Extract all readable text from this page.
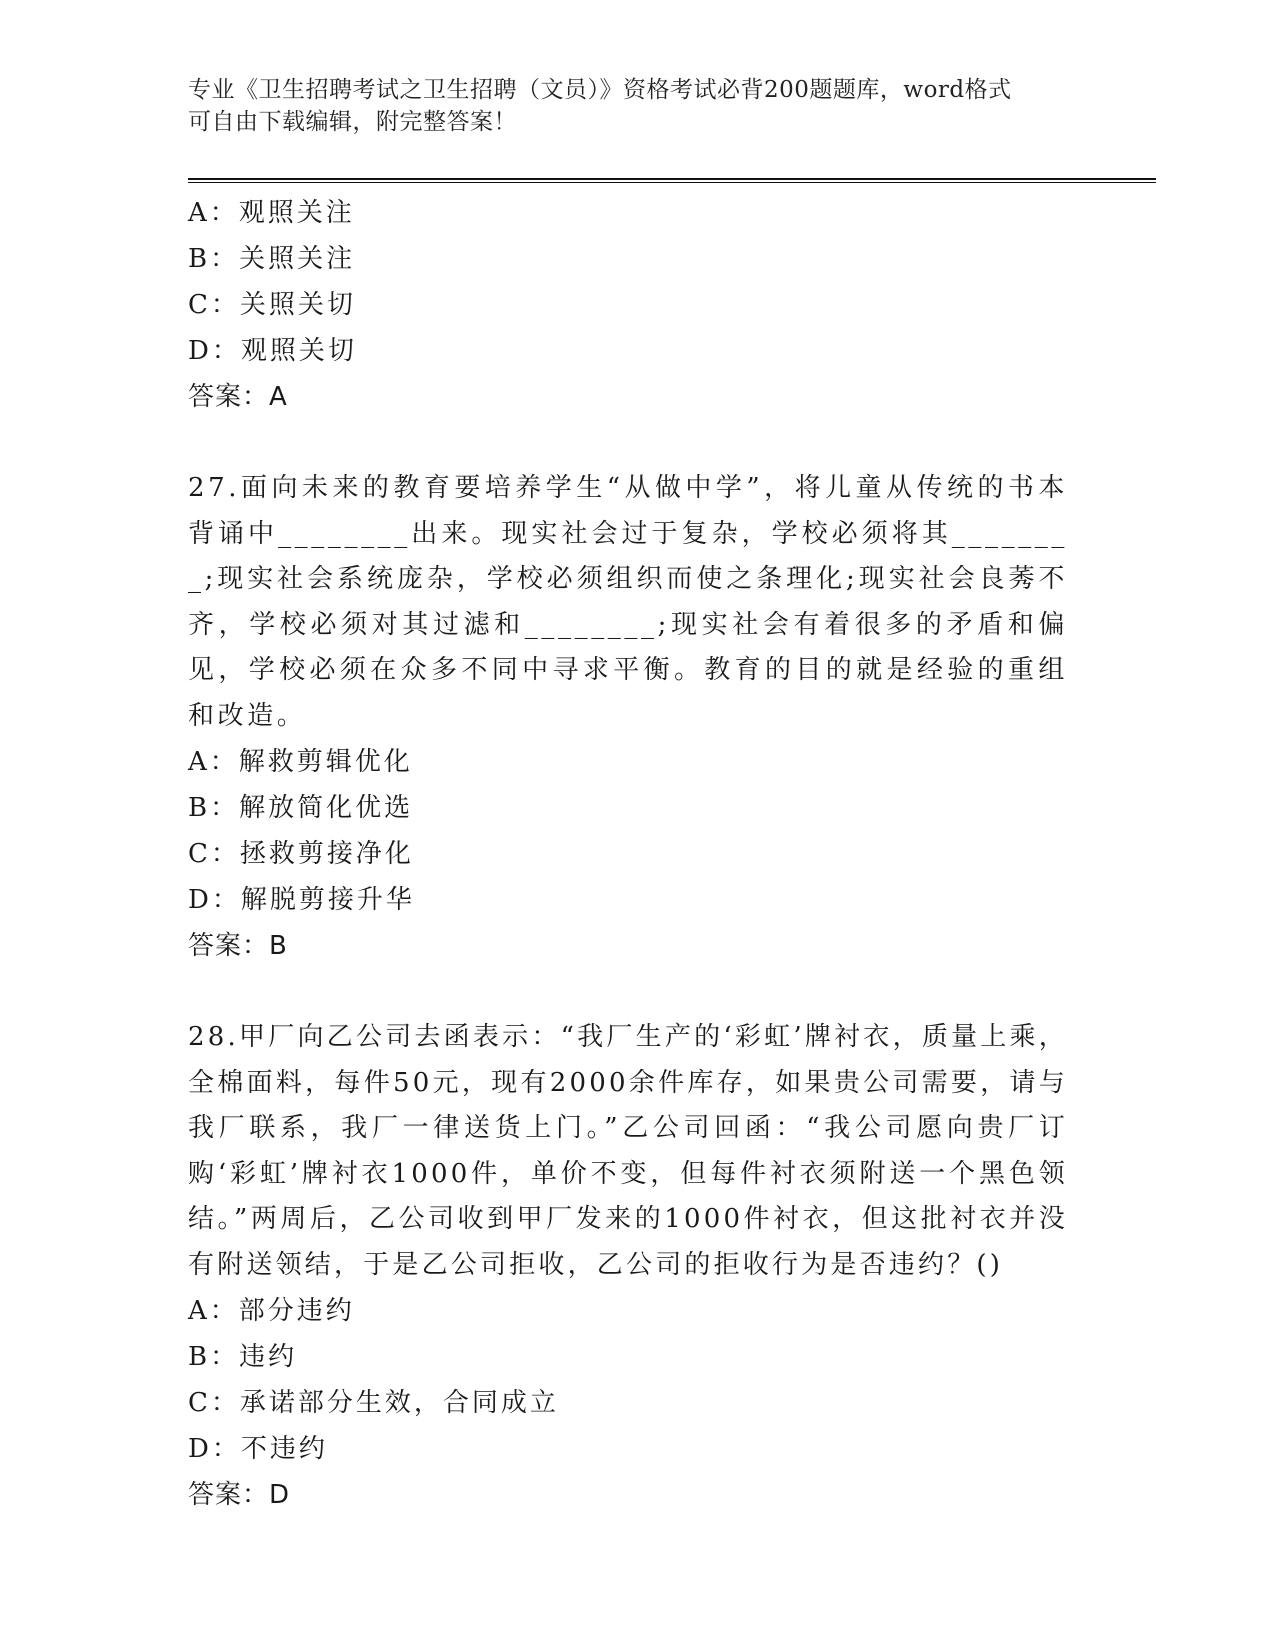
专业《卫生招聘考试之卫生招聘（文员）》资格考试必背200题题库，word格式
可自由下载编辑，附完整答案！
A：观照关注
B：关照关注
C：关照关切
D：观照关切
答案：A
27.面向未来的教育要培养学生“从做中学”，将儿童从传统的书本背诵中________出来。现实社会过于复杂，学校必须将其________;现实社会系统庞杂，学校必须组织而使之条理化;现实社会良莠不齐，学校必须对其过滤和________;现实社会有着很多的矛盾和偏见，学校必须在众多不同中寻求平衡。教育的目的就是经验的重组和改造。
A：解救剪辑优化
B：解放简化优选
C：拯救剪接净化
D：解脱剪接升华
答案：B
28.甲厂向乙公司去函表示：“我厂生产的‘彩虹’牌衬衣，质量上乘，全棉面料，每件50元，现有2000余件库存，如果贵公司需要，请与我厂联系，我厂一律送货上门。”乙公司回函：“我公司愿向贵厂订购‘彩虹’牌衬衣1000件，单价不变，但每件衬衣须附送一个黑色领结。”两周后，乙公司收到甲厂发来的1000件衬衣，但这批衬衣并没有附送领结，于是乙公司拒收，乙公司的拒收行为是否违约？()
A：部分违约
B：违约
C：承诺部分生效，合同成立
D：不违约
答案：D
